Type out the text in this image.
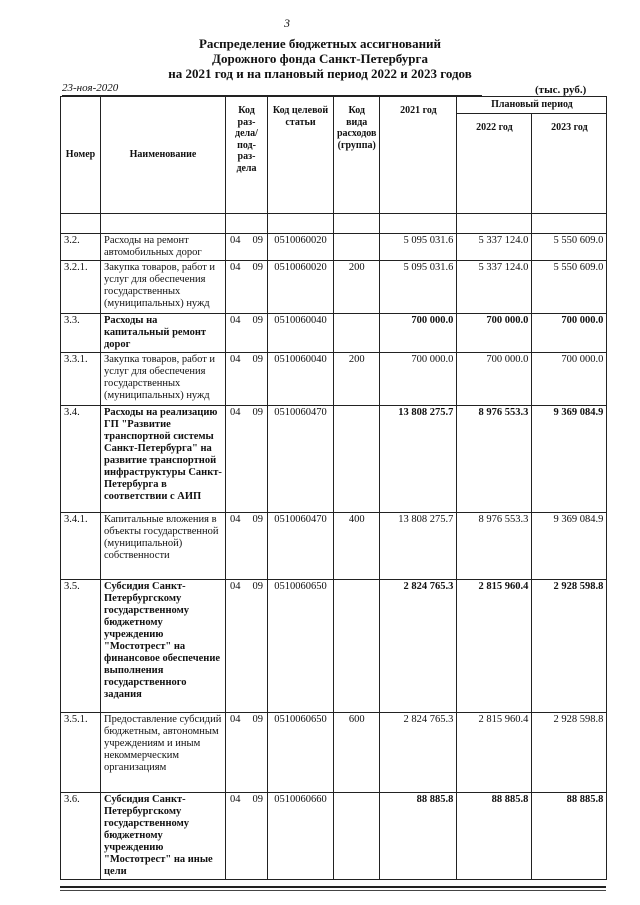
3
Распределение бюджетных ассигнований
Дорожного фонда Санкт-Петербурга
на 2021 год и на плановый период 2022 и 2023 годов
23-ноя-2020	(тыс. руб.)
Номер	Наименование	Код раз-дела/ под-раз-дела	Код целевой статьи	Код вида расходов (группа)	2021 год	Плановый период	
						2022 год	2023 год

3.2.	Расходы на ремонт автомобильных дорог	04 09	0510060020		5 095 031.6	5 337 124.0	5 550 609.0
3.2.1.	Закупка товаров, работ и услуг для обеспечения государственных (муниципальных) нужд	04 09	0510060020	200	5 095 031.6	5 337 124.0	5 550 609.0
3.3.	Расходы на капитальный ремонт дорог	04 09	0510060040		700 000.0	700 000.0	700 000.0
3.3.1.	Закупка товаров, работ и услуг для обеспечения государственных (муниципальных) нужд	04 09	0510060040	200	700 000.0	700 000.0	700 000.0
3.4.	Расходы на реализацию ГП "Развитие транспортной системы Санкт-Петербурга" на развитие транспортной инфраструктуры Санкт-Петербурга в соответствии с АИП	04 09	0510060470		13 808 275.7	8 976 553.3	9 369 084.9
3.4.1.	Капитальные вложения в объекты государственной (муниципальной) собственности	04 09	0510060470	400	13 808 275.7	8 976 553.3	9 369 084.9
3.5.	Субсидия Санкт-Петербургскому государственному бюджетному учреждению "Мостотрест" на финансовое обеспечение выполнения государственного задания	04 09	0510060650		2 824 765.3	2 815 960.4	2 928 598.8
3.5.1.	Предоставление субсидий бюджетным, автономным учреждениям и иным некоммерческим организациям	04 09	0510060650	600	2 824 765.3	2 815 960.4	2 928 598.8
3.6.	Субсидия Санкт-Петербургскому государственному бюджетному учреждению "Мостотрест" на иные цели	04 09	0510060660		88 885.8	88 885.8	88 885.8
